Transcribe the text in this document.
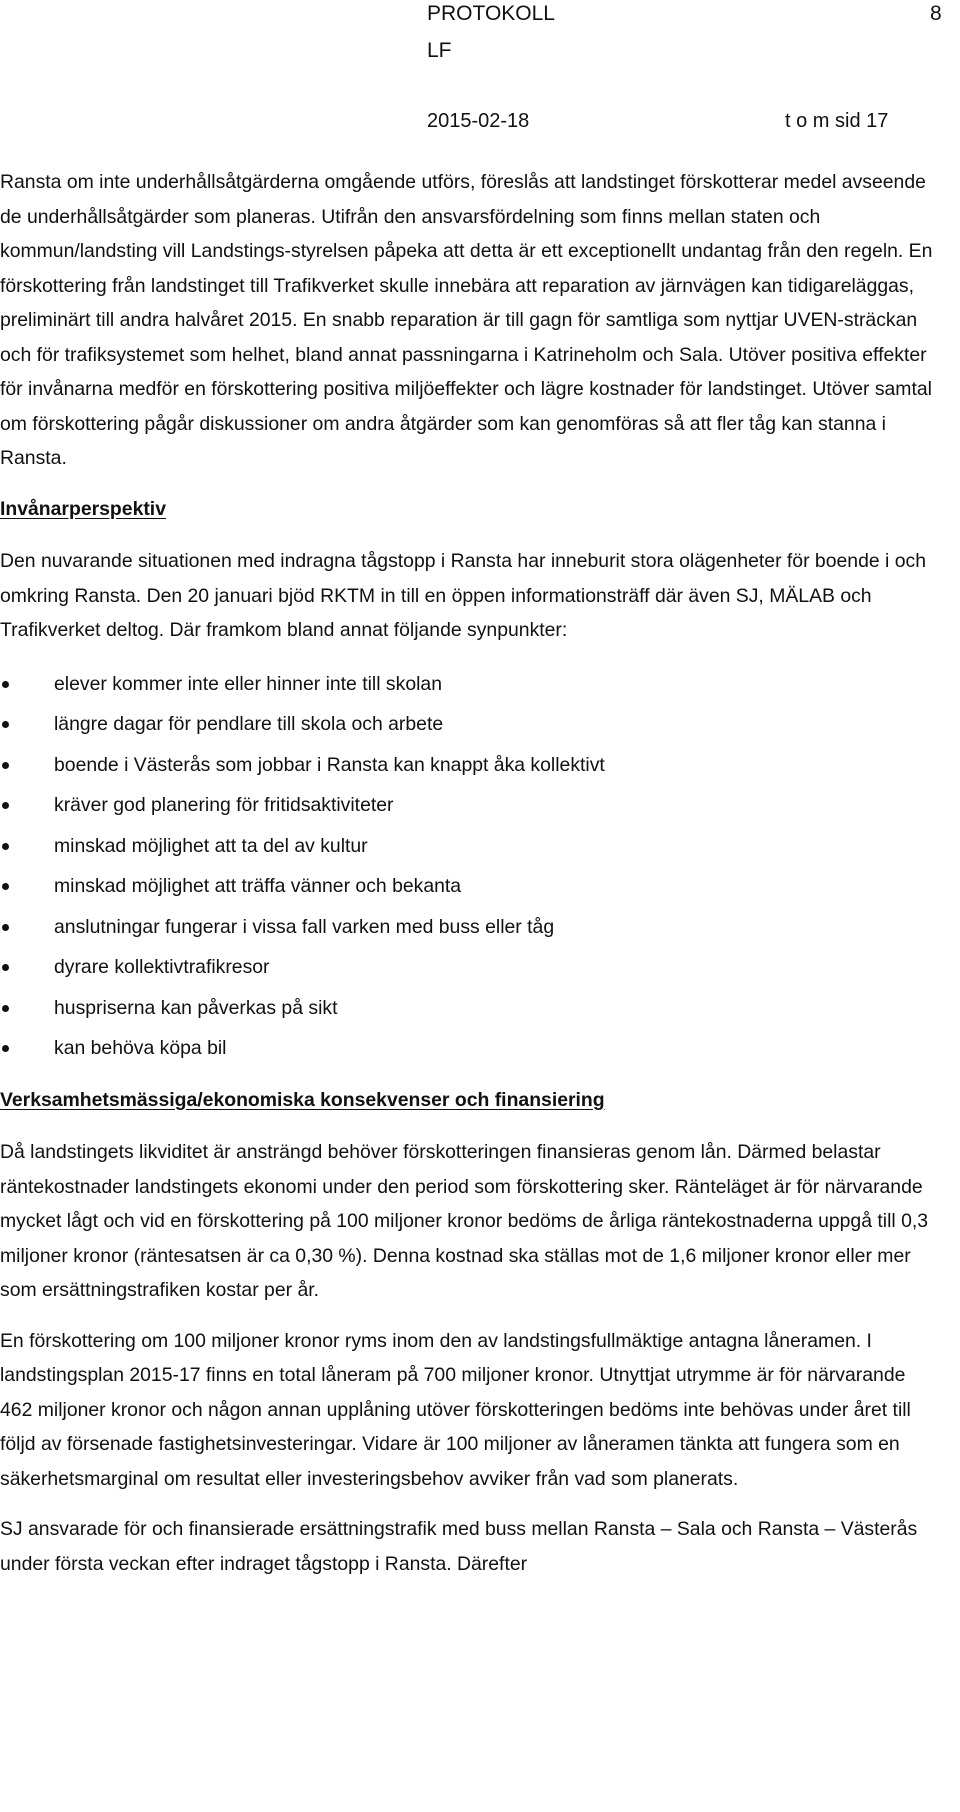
PROTOKOLL	8
LF
2015-02-18	t o m sid 17

Ransta om inte underhållsåtgärderna omgående utförs, föreslås att landstinget förskotterar medel avseende de underhållsåtgärder som planeras. Utifrån den ansvarsfördelning som finns mellan staten och kommun/landsting vill Landstings-styrelsen påpeka att detta är ett exceptionellt undantag från den regeln. En förskottering från landstinget till Trafikverket skulle innebära att reparation av järnvägen kan tidigareläggas, preliminärt till andra halvåret 2015. En snabb reparation är till gagn för samtliga som nyttjar UVEN-sträckan och för trafiksystemet som helhet, bland annat passningarna i Katrineholm och Sala. Utöver positiva effekter för invånarna medför en förskottering positiva miljöeffekter och lägre kostnader för landstinget. Utöver samtal om förskottering pågår diskussioner om andra åtgärder som kan genomföras så att fler tåg kan stanna i Ransta.

Invånarperspektiv

Den nuvarande situationen med indragna tågstopp i Ransta har inneburit stora olägenheter för boende i och omkring Ransta. Den 20 januari bjöd RKTM in till en öppen informationsträff där även SJ, MÄLAB och Trafikverket deltog. Där framkom bland annat följande synpunkter:

elever kommer inte eller hinner inte till skolan
längre dagar för pendlare till skola och arbete
boende i Västerås som jobbar i Ransta kan knappt åka kollektivt
kräver god planering för fritidsaktiviteter
minskad möjlighet att ta del av kultur
minskad möjlighet att träffa vänner och bekanta
anslutningar fungerar i vissa fall varken med buss eller tåg
dyrare kollektivtrafikresor
huspriserna kan påverkas på sikt
kan behöva köpa bil
Verksamhetsmässiga/ekonomiska konsekvenser och finansiering

Då landstingets likviditet är ansträngd behöver förskotteringen finansieras genom lån. Därmed belastar räntekostnader landstingets ekonomi under den period som förskottering sker. Ränteläget är för närvarande mycket lågt och vid en förskottering på 100 miljoner kronor bedöms de årliga räntekostnaderna uppgå till 0,3 miljoner kronor (räntesatsen är ca 0,30 %). Denna kostnad ska ställas mot de 1,6 miljoner kronor eller mer som ersättningstrafiken kostar per år.

En förskottering om 100 miljoner kronor ryms inom den av landstingsfullmäktige antagna låneramen. I landstingsplan 2015-17 finns en total låneram på 700 miljoner kronor. Utnyttjat utrymme är för närvarande 462 miljoner kronor och någon annan upplåning utöver förskotteringen bedöms inte behövas under året till följd av försenade fastighetsinvesteringar. Vidare är 100 miljoner av låneramen tänkta att fungera som en säkerhetsmarginal om resultat eller investeringsbehov avviker från vad som planerats.

SJ ansvarade för och finansierade ersättningstrafik med buss mellan Ransta – Sala och Ransta – Västerås under första veckan efter indraget tågstopp i Ransta. Därefter
